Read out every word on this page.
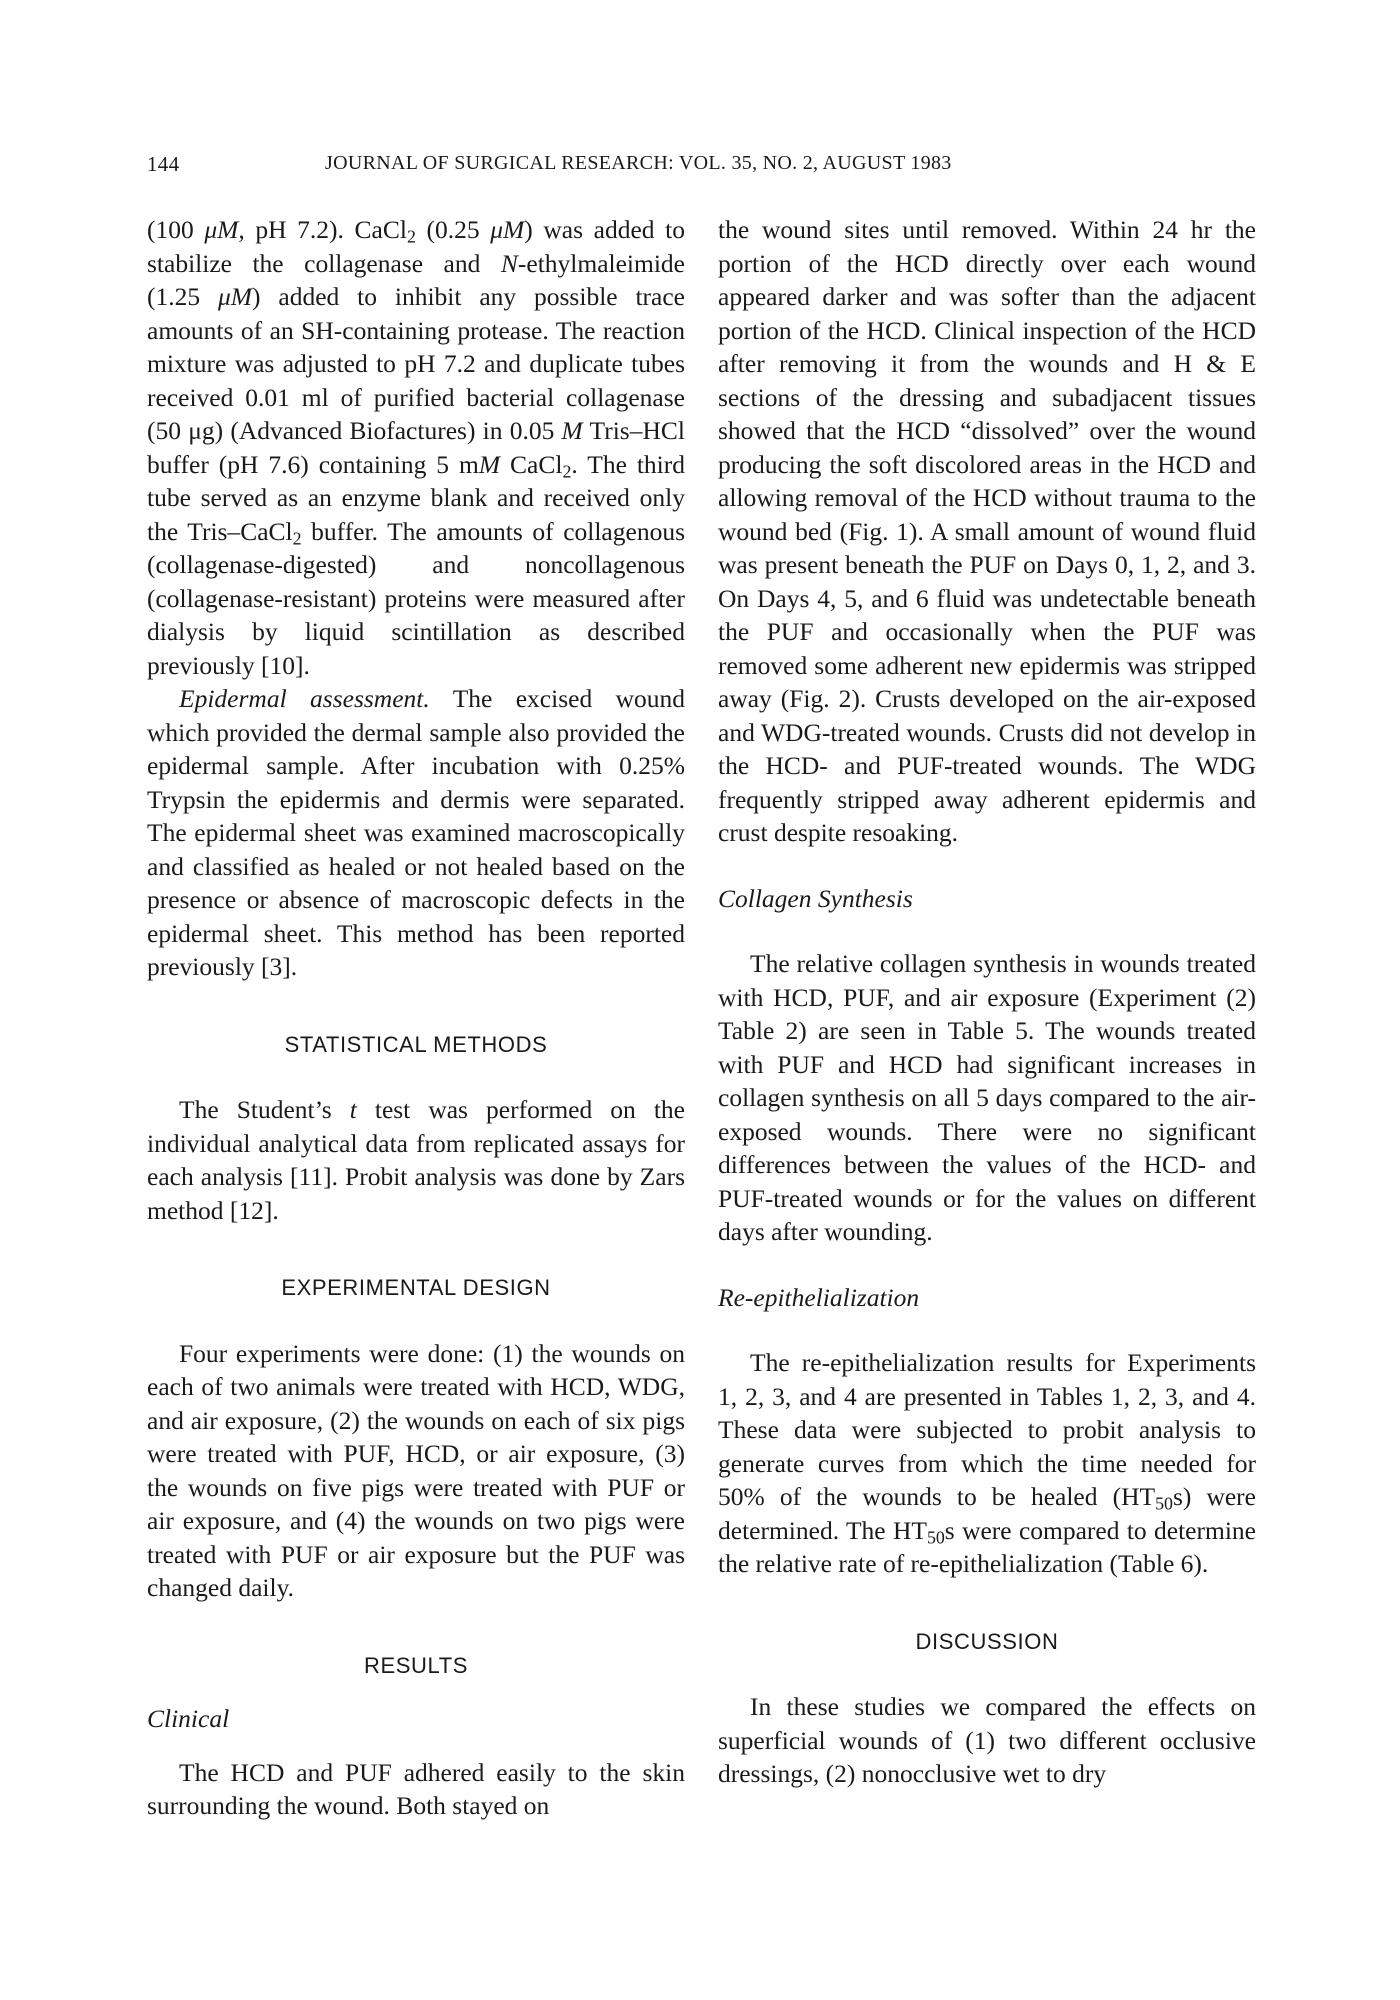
144	JOURNAL OF SURGICAL RESEARCH: VOL. 35, NO. 2, AUGUST 1983

(100 μM, pH 7.2). CaCl$_2$ (0.25 μM) was added to stabilize the collagenase and N-ethylmaleimide (1.25 μM) added to inhibit any possible trace amounts of an SH-containing protease. The reaction mixture was adjusted to pH 7.2 and duplicate tubes received 0.01 ml of purified bacterial collagenase (50 μg) (Advanced Biofactures) in 0.05 M Tris–HCl buffer (pH 7.6) containing 5 mM CaCl$_2$. The third tube served as an enzyme blank and received only the Tris–CaCl$_2$ buffer. The amounts of collagenous (collagenase-digested) and noncollagenous (collagenase-resistant) proteins were measured after dialysis by liquid scintillation as described previously [10].

Epidermal assessment. The excised wound which provided the dermal sample also provided the epidermal sample. After incubation with 0.25% Trypsin the epidermis and dermis were separated. The epidermal sheet was examined macroscopically and classified as healed or not healed based on the presence or absence of macroscopic defects in the epidermal sheet. This method has been reported previously [3].

STATISTICAL METHODS

The Student’s t test was performed on the individual analytical data from replicated assays for each analysis [11]. Probit analysis was done by Zars method [12].

EXPERIMENTAL DESIGN

Four experiments were done: (1) the wounds on each of two animals were treated with HCD, WDG, and air exposure, (2) the wounds on each of six pigs were treated with PUF, HCD, or air exposure, (3) the wounds on five pigs were treated with PUF or air exposure, and (4) the wounds on two pigs were treated with PUF or air exposure but the PUF was changed daily.

RESULTS

Clinical

The HCD and PUF adhered easily to the skin surrounding the wound. Both stayed on

the wound sites until removed. Within 24 hr the portion of the HCD directly over each wound appeared darker and was softer than the adjacent portion of the HCD. Clinical inspection of the HCD after removing it from the wounds and H & E sections of the dressing and subadjacent tissues showed that the HCD “dissolved” over the wound producing the soft discolored areas in the HCD and allowing removal of the HCD without trauma to the wound bed (Fig. 1). A small amount of wound fluid was present beneath the PUF on Days 0, 1, 2, and 3. On Days 4, 5, and 6 fluid was undetectable beneath the PUF and occasionally when the PUF was removed some adherent new epidermis was stripped away (Fig. 2). Crusts developed on the air-exposed and WDG-treated wounds. Crusts did not develop in the HCD- and PUF-treated wounds. The WDG frequently stripped away adherent epidermis and crust despite resoaking.

Collagen Synthesis

The relative collagen synthesis in wounds treated with HCD, PUF, and air exposure (Experiment (2) Table 2) are seen in Table 5. The wounds treated with PUF and HCD had significant increases in collagen synthesis on all 5 days compared to the air-exposed wounds. There were no significant differences between the values of the HCD- and PUF-treated wounds or for the values on different days after wounding.

Re-epithelialization

The re-epithelialization results for Experiments 1, 2, 3, and 4 are presented in Tables 1, 2, 3, and 4. These data were subjected to probit analysis to generate curves from which the time needed for 50% of the wounds to be healed $(HT_{50}s)$ were determined. The $HT_{50}s$ were compared to determine the relative rate of re-epithelialization (Table 6).

DISCUSSION

In these studies we compared the effects on superficial wounds of (1) two different occlusive dressings, (2) nonocclusive wet to dry
